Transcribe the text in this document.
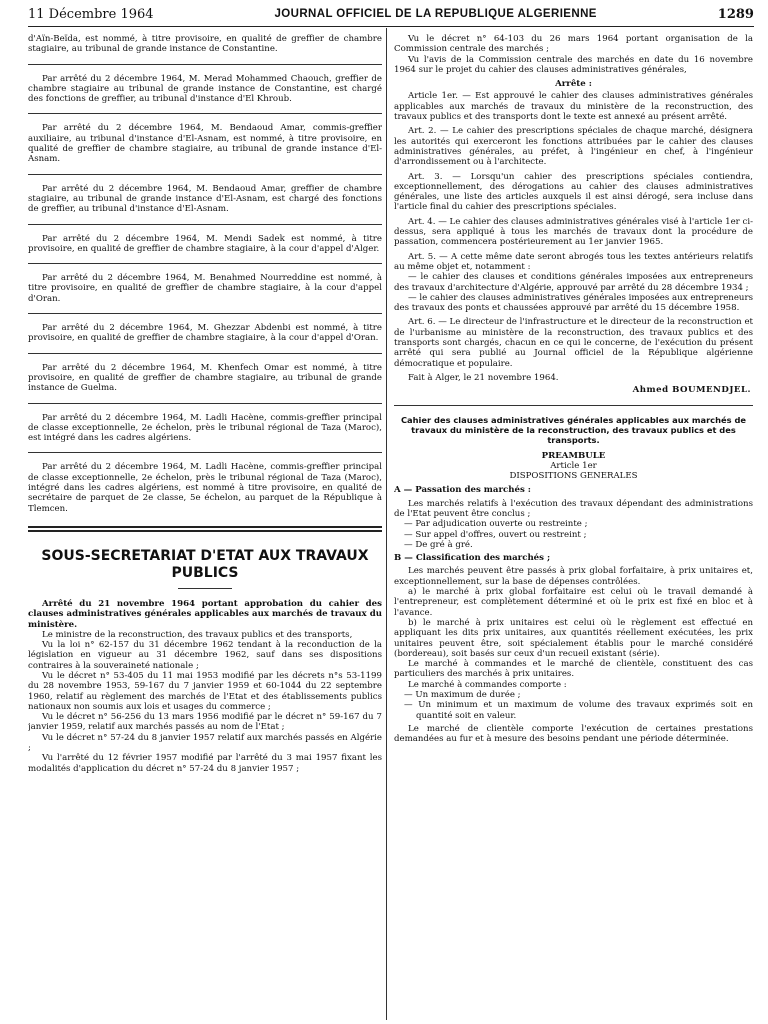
11 Décembre 1964	JOURNAL OFFICIEL DE LA REPUBLIQUE ALGERIENNE	1289

d'Aïn-Beïda, est nommé, à titre provisoire, en qualité de greffier de chambre stagiaire, au tribunal de grande instance de Constantine.

Par arrêté du 2 décembre 1964, M. Merad Mohammed Chaouch, greffier de chambre stagiaire au tribunal de grande instance de Constantine, est chargé des fonctions de greffier, au tribunal d'instance d'El Khroub.

Par arrêté du 2 décembre 1964, M. Bendaoud Amar, commis-greffier auxiliaire, au tribunal d'instance d'El-Asnam, est nommé, à titre provisoire, en qualité de greffier de chambre stagiaire, au tribunal de grande instance d'El-Asnam.

Par arrêté du 2 décembre 1964, M. Bendaoud Amar, greffier de chambre stagiaire, au tribunal de grande instance d'El-Asnam, est chargé des fonctions de greffier, au tribunal d'instance d'El-Asnam.

Par arrêté du 2 décembre 1964, M. Mendi Sadek est nommé, à titre provisoire, en qualité de greffier de chambre stagiaire, à la cour d'appel d'Alger.

Par arrêté du 2 décembre 1964, M. Benahmed Nourreddine est nommé, à titre provisoire, en qualité de greffier de chambre stagiaire, à la cour d'appel d'Oran.

Par arrêté du 2 décembre 1964, M. Ghezzar Abdenbi est nommé, à titre provisoire, en qualité de greffier de chambre stagiaire, à la cour d'appel d'Oran.

Par arrêté du 2 décembre 1964, M. Khenfech Omar est nommé, à titre provisoire, en qualité de greffier de chambre stagiaire, au tribunal de grande instance de Guelma.

Par arrêté du 2 décembre 1964, M. Ladli Hacène, commis-greffier principal de classe exceptionnelle, 2e échelon, près le tribunal régional de Taza (Maroc), est intégré dans les cadres algériens.

Par arrêté du 2 décembre 1964, M. Ladli Hacène, commis-greffier principal de classe exceptionnelle, 2e échelon, près le tribunal régional de Taza (Maroc), intégré dans les cadres algériens, est nommé à titre provisoire, en qualité de secrétaire de parquet de 2e classe, 5e échelon, au parquet de la République à Tlemcen.

SOUS-SECRETARIAT D'ETAT AUX TRAVAUX PUBLICS

Arrêté du 21 novembre 1964 portant approbation du cahier des clauses administratives générales applicables aux marchés de travaux du ministère.

Le ministre de la reconstruction, des travaux publics et des transports,

Vu la loi n° 62-157 du 31 décembre 1962 tendant à la reconduction de la législation en vigueur au 31 décembre 1962, sauf dans ses dispositions contraires à la souveraineté nationale ;

Vu le décret n° 53-405 du 11 mai 1953 modifié par les décrets n°s 53-1199 du 28 novembre 1953, 59-167 du 7 janvier 1959 et 60-1044 du 22 septembre 1960, relatif au règlement des marchés de l'Etat et des établissements publics nationaux non soumis aux lois et usages du commerce ;

Vu le décret n° 56-256 du 13 mars 1956 modifié par le décret n° 59-167 du 7 janvier 1959, relatif aux marchés passés au nom de l'Etat ;

Vu le décret n° 57-24 du 8 janvier 1957 relatif aux marchés passés en Algérie ;

Vu l'arrêté du 12 février 1957 modifié par l'arrêté du 3 mai 1957 fixant les modalités d'application du décret n° 57-24 du 8 janvier 1957 ;

Vu le décret n° 64-103 du 26 mars 1964 portant organisation de la Commission centrale des marchés ;

Vu l'avis de la Commission centrale des marchés en date du 16 novembre 1964 sur le projet du cahier des clauses administratives générales,

Arrête :

Article 1er. — Est approuvé le cahier des clauses administratives générales applicables aux marchés de travaux du ministère de la reconstruction, des travaux publics et des transports dont le texte est annexé au présent arrêté.

Art. 2. — Le cahier des prescriptions spéciales de chaque marché, désignera les autorités qui exerceront les fonctions attribuées par le cahier des clauses administratives générales, au préfet, à l'ingénieur en chef, à l'ingénieur d'arrondissement ou à l'architecte.

Art. 3. — Lorsqu'un cahier des prescriptions spéciales contiendra, exceptionnellement, des dérogations au cahier des clauses administratives générales, une liste des articles auxquels il est ainsi dérogé, sera incluse dans l'article final du cahier des prescriptions spéciales.

Art. 4. — Le cahier des clauses administratives générales visé à l'article 1er ci-dessus, sera appliqué à tous les marchés de travaux dont la procédure de passation, commencera postérieurement au 1er janvier 1965.

Art. 5. — A cette même date seront abrogés tous les textes antérieurs relatifs au même objet et, notamment :

— le cahier des clauses et conditions générales imposées aux entrepreneurs des travaux d'architecture d'Algérie, approuvé par arrêté du 28 décembre 1934 ;

— le cahier des clauses administratives générales imposées aux entrepreneurs des travaux des ponts et chaussées approuvé par arrêté du 15 décembre 1958.

Art. 6. — Le directeur de l'infrastructure et le directeur de la reconstruction et de l'urbanisme au ministère de la reconstruction, des travaux publics et des transports sont chargés, chacun en ce qui le concerne, de l'exécution du présent arrêté qui sera publié au Journal officiel de la République algérienne démocratique et populaire.

Fait à Alger, le 21 novembre 1964.

Ahmed BOUMENDJEL.
Cahier des clauses administratives générales applicables aux marchés de travaux du ministère de la reconstruction, des travaux publics et des transports.
PREAMBULE
Article 1er
DISPOSITIONS GENERALES

A — Passation des marchés :

Les marchés relatifs à l'exécution des travaux dépendant des administrations de l'Etat peuvent être conclus ;

— Par adjudication ouverte ou restreinte ;

— Sur appel d'offres, ouvert ou restreint ;

— De gré à gré.

B — Classification des marchés ;

Les marchés peuvent être passés à prix global forfaitaire, à prix unitaires et, exceptionnellement, sur la base de dépenses contrôlées.

a) le marché à prix global forfaitaire est celui où le travail demandé à l'entrepreneur, est complètement déterminé et où le prix est fixé en bloc et à l'avance.

b) le marché à prix unitaires est celui où le règlement est effectué en appliquant les dits prix unitaires, aux quantités réellement exécutées, les prix unitaires peuvent être, soit spécialement établis pour le marché considéré (bordereau), soit basés sur ceux d'un recueil existant (série).

Le marché à commandes et le marché de clientèle, constituent des cas particuliers des marchés à prix unitaires.

Le marché à commandes comporte :

— Un maximum de durée ;

— Un minimum et un maximum de volume des travaux exprimés soit en quantité soit en valeur.

Le marché de clientèle comporte l'exécution de certaines prestations demandées au fur et à mesure des besoins pendant une période déterminée.
